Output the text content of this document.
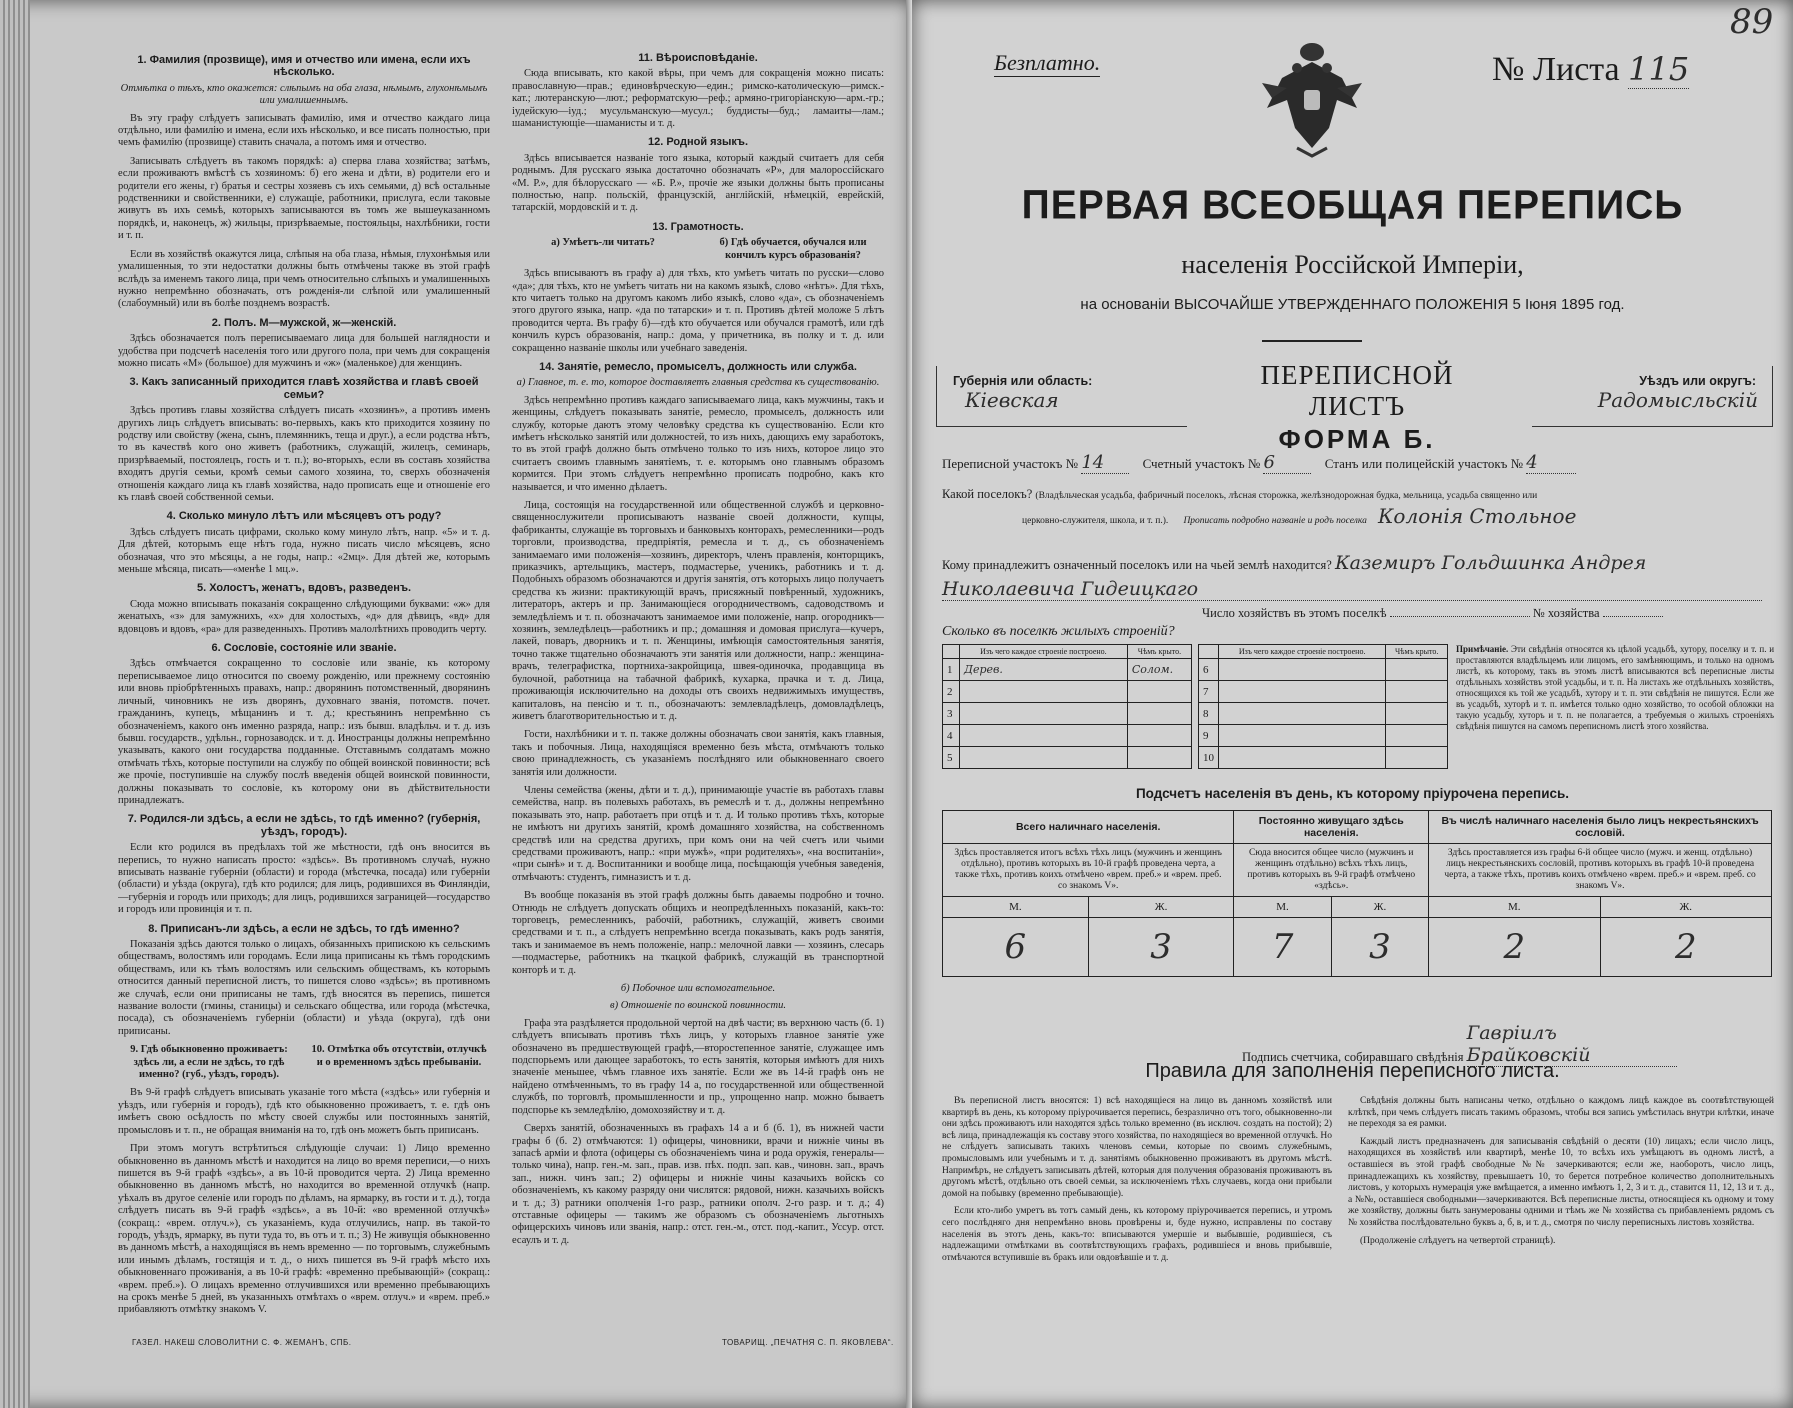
1. Фамилия (прозвище), имя и отчество или имена, если ихъ нѣсколько.
Отмѣтка о тѣхъ, кто окажется: слѣпымъ на оба глаза, нѣмымъ, глухонѣмымъ или умалишеннымъ.

Въ эту графу слѣдуетъ записывать фамилію, имя и отчество каждаго лица отдѣльно, или фамилію и имена, если ихъ нѣсколько, и все писать полностью, при чемъ фамилію (прозвище) ставить сначала, а потомъ имя и отчество.

Записывать слѣдуетъ въ такомъ порядкѣ: а) сперва глава хозяйства; затѣмъ, если проживаютъ вмѣстѣ съ хозяиномъ: б) его жена и дѣти, в) родители его и родители его жены, г) братья и сестры хозяевъ съ ихъ семьями, д) всѣ остальные родственники и свойственники, е) служащіе, работники, прислуга, если таковые живутъ въ ихъ семьѣ, которыхъ записываются въ томъ же вышеуказанномъ порядкѣ, и, наконецъ, ж) жильцы, призрѣваемые, постояльцы, нахлѣбники, гости и т. п.

Если въ хозяйствѣ окажутся лица, слѣпыя на оба глаза, нѣмыя, глухонѣмыя или умалишенныя, то эти недостатки должны быть отмѣчены также въ этой графѣ вслѣдъ за именемъ такого лица, при чемъ относительно слѣпыхъ и умалишенныхъ нужно непремѣнно обозначать, отъ рожденія-ли слѣпой или умалишенный (слабоумный) или въ болѣе позднемъ возрастѣ.

2. Полъ. М—мужской, ж—женскій.

Здѣсь обозначается полъ переписываемаго лица для большей наглядности и удобства при подсчетѣ населенія того или другого пола, при чемъ для сокращенія можно писать «М» (большое) для мужчинъ и «ж» (маленькое) для женщинъ.

3. Какъ записанный приходится главѣ хозяйства и главѣ своей семьи?

Здѣсь противъ главы хозяйства слѣдуетъ писать «хозяинъ», а противъ именъ другихъ лицъ слѣдуетъ вписывать: во-первыхъ, какъ кто приходится хозяину по родству или свойству (жена, сынъ, племянникъ, теща и друг.), а если родства нѣтъ, то въ качествѣ кого оно живетъ (работникъ, служащій, жилецъ, семинарь, призрѣваемый, постоялецъ, гость и т. п.); во-вторыхъ, если въ составъ хозяйства входятъ другія семьи, кромѣ семьи самого хозяина, то, сверхъ обозначенія отношенія каждаго лица къ главѣ хозяйства, надо прописать еще и отношеніе его къ главѣ своей собственной семьи.

4. Сколько минуло лѣтъ или мѣсяцевъ отъ роду?

Здѣсь слѣдуетъ писать цифрами, сколько кому минуло лѣтъ, напр. «5» и т. д. Для дѣтей, которымъ еще нѣтъ года, нужно писать число мѣсяцевъ, ясно обозначая, что это мѣсяцы, а не годы, напр.: «2мц». Для дѣтей же, которымъ меньше мѣсяца, писать—«менѣе 1 мц.».

5. Холостъ, женатъ, вдовъ, разведенъ.

Сюда можно вписывать показанія сокращенно слѣдующими буквами: «ж» для женатыхъ, «з» для замужнихъ, «х» для холостыхъ, «д» для дѣвицъ, «вд» для вдовцовъ и вдовъ, «ра» для разведенныхъ. Противъ малолѣтнихъ проводить черту.

6. Сословіе, состояніе или званіе.

Здѣсь отмѣчается сокращенно то сословіе или званіе, къ которому переписываемое лицо относится по своему рожденію, или прежнему состоянію или вновь пріобрѣтенныхъ правахъ, напр.: дворянинъ потомственный, дворянинъ личный, чиновникъ не изъ дворянъ, духовнаго званія, потомств. почет. гражданинъ, купецъ, мѣщанинъ и т. д.; крестьянинъ непремѣнно съ обозначеніемъ, какого онъ именно разряда, напр.: изъ бывш. владѣльч. и т. д. изъ бывш. государств., удѣльн., горнозаводск. и т. д. Иностранцы должны непремѣнно указывать, какого они государства подданные. Отставнымъ солдатамъ можно отмѣчать тѣхъ, которые поступили на службу по общей воинской повинности; всѣ же прочіе, поступившіе на службу послѣ введенія общей воинской повинности, должны показывать то сословіе, къ которому они въ дѣйствительности принадлежатъ.

7. Родился-ли здѣсь, а если не здѣсь, то гдѣ именно? (губернія, уѣздъ, городъ).

Если кто родился въ предѣлахъ той же мѣстности, гдѣ онъ вносится въ перепись, то нужно написать просто: «здѣсь». Въ противномъ случаѣ, нужно вписывать названіе губерніи (области) и города (мѣстечка, посада) или губерніи (области) и уѣзда (округа), гдѣ кто родился; для лицъ, родившихся въ Финляндіи,—губернія и городъ или приходъ; для лицъ, родившихся заграницей—государство и городъ или провинція и т. п.

8. Приписанъ-ли здѣсь, а если не здѣсь, то гдѣ именно?

Показанія здѣсь даются только о лицахъ, обязанныхъ припискою къ сельскимъ обществамъ, волостямъ или городамъ. Если лица приписаны къ тѣмъ городскимъ обществамъ, или къ тѣмъ волостямъ или сельскимъ обществамъ, къ которымъ относится данный переписной листъ, то пишется слово «здѣсь»; въ противномъ же случаѣ, если они приписаны не тамъ, гдѣ вносятся въ перепись, пишется название волости (гмины, станицы) и сельскаго общества, или города (мѣстечка, посада), съ обозначеніемъ губерніи (области) и уѣзда (округа), гдѣ они приписаны.

9. Гдѣ обыкновенно проживаетъ: здѣсь ли, а если не здѣсь, то гдѣ именно? (губ., уѣздъ, городъ).
10. Отмѣтка объ отсутствіи, отлучкѣ и о временномъ здѣсь пребываніи.

Въ 9-й графѣ слѣдуетъ вписывать указаніе того мѣста («здѣсь» или губернія и уѣздъ, или губернія и городъ), гдѣ кто обыкновенно проживаетъ, т. е. гдѣ онъ имѣетъ свою осѣдлость по мѣсту своей службы или постоянныхъ занятій, промысловъ и т. п., не обращая вниманія на то, гдѣ онъ можетъ быть приписанъ.

При этомъ могутъ встрѣтиться слѣдующіе случаи: 1) Лицо временно обыкновенно въ данномъ мѣстѣ и находится на лицо во время переписи,—о нихъ пишется въ 9-й графѣ «здѣсь», а въ 10-й проводится черта. 2) Лица временно обыкновенно въ данномъ мѣстѣ, но находится во временной отлучкѣ (напр. уѣхалъ въ другое селеніе или городъ по дѣламъ, на ярмарку, въ гости и т. д.), тогда слѣдуетъ писать въ 9-й графѣ «здѣсь», а въ 10-й: «во временной отлучкѣ» (сокращ.: «врем. отлуч.»), съ указаніемъ, куда отлучились, напр. въ такой-то городъ, уѣздъ, ярмарку, въ пути тудa то, въ отъ и т. п.; 3) Не живущія обыкновенно въ данномъ мѣстѣ, а находящіяся въ немъ временно — по торговымъ, служебнымъ или инымъ дѣламъ, гостящія и т. д., о нихъ пишется въ 9-й графѣ мѣсто ихъ обыкновеннаго проживанія, а въ 10-й графѣ: «временно пребывающій» (сокращ.: «врем. преб.»). О лицахъ временно отлучившихся или временно пребывающихъ на срокъ менѣе 5 дней, въ указанныхъ отмѣтахъ о «врем. отлуч.» и «врем. преб.» прибавляютъ отмѣтку знакомъ V.

11. Вѣроисповѣданіе.

Сюда вписывать, кто какой вѣры, при чемъ для сокращенія можно писать: православную—прав.; единовѣрческую—един.; римско-католическую—римск.-кат.; лютеранскую—лют.; реформатскую—реф.; армяно-григоріанскую—арм.-гр.; іудейскую—іуд.; мусульманскую—мусул.; буддисты—буд.; ламаиты—лам.; шаманистующіе—шаманисты и т. д.

12. Родной языкъ.

Здѣсь вписывается названіе того языка, который каждый считаетъ для себя роднымъ. Для русскаго языка достаточно обозначать «Р», для малороссійскаго «М. Р.», для бѣлорусскаго — «Б. Р.», прочіе же языки должны быть прописаны полностью, напр. польскій, французскій, англійскій, нѣмецкій, еврейскій, татарскій, мордовскій и т. д.

13. Грамотность.
а) Умѣетъ-ли читать?	б) Гдѣ обучается, обучался или кончилъ курсъ образованія?

Здѣсь вписываютъ въ графу а) для тѣхъ, кто умѣетъ читать по русски—слово «да»; для тѣхъ, кто не умѣетъ читать ни на какомъ языкѣ, слово «нѣтъ». Для тѣхъ, кто читаетъ только на другомъ какомъ либо языкѣ, слово «да», съ обозначеніемъ этого другого языка, напр. «да по татарски» и т. п. Противъ дѣтей моложе 5 лѣтъ проводится черта. Въ графу б)—гдѣ кто обучается или обучался грамотѣ, или гдѣ кончилъ курсъ образованія, напр.: дома, у причетника, въ полку и т. д. или сокращенно названіе школы или учебнаго заведенія.

14. Занятіе, ремесло, промыселъ, должность или служба.
а) Главное, т. е. то, которое доставляетъ главныя средства къ существованію.

Здѣсь непремѣнно противъ каждаго записываемаго лица, какъ мужчины, такъ и женщины, слѣдуетъ показывать занятіе, ремесло, промыселъ, должность или службу, которые даютъ этому человѣку средства къ существованію. Если кто имѣетъ нѣсколько занятій или должностей, то изъ нихъ, дающихъ ему заработокъ, то въ этой графѣ должно быть отмѣчено только то изъ нихъ, которое лицо это считаетъ своимъ главнымъ занятіемъ, т. е. которымъ оно главнымъ образомъ кормится. При этомъ слѣдуетъ непремѣнно прописать подробно, какъ кто называется, и что именно дѣлаетъ.

Лица, состоящія на государственной или общественной службѣ и церковно-священнослужители прописываютъ названіе своей должности, купцы, фабриканты, служащіе въ торговыхъ и банковыхъ конторахъ, ремесленники—родъ торговли, производства, предпріятія, ремесла и т. д., съ обозначеніемъ занимаемаго ими положенія—хозяинъ, директоръ, членъ правленія, конторщикъ, приказчикъ, артельщикъ, мастеръ, подмастерье, ученикъ, работникъ и т. д. Подобныхъ образомъ обозначаются и другія занятія, отъ которыхъ лицо получаетъ средства къ жизни: практикующій врачъ, присяжный повѣренный, художникъ, литераторъ, актеръ и пр. Занимающіеся огородничествомъ, садоводствомъ и земледѣліемъ и т. п. обозначаютъ занимаемое ими положеніе, напр. огородникъ—хозяинъ, земледѣлецъ—работникъ и пр.; домашняя и домовая прислуга—кучеръ, лакей, поваръ, дворникъ и т. п. Женщины, имѣющія самостоятельныя занятія, точно также тщательно обозначаютъ эти занятія или должности, напр.: женщина-врачъ, телеграфистка, портниха-закройщица, швея-одиночка, продавщица въ булочной, работница на табачной фабрикѣ, кухарка, прачка и т. д. Лица, проживающія исключительно на доходы отъ своихъ недвижимыхъ имуществъ, капиталовъ, на пенсію и т. п., обозначаютъ: землевладѣлецъ, домовладѣлецъ, живетъ благотворительностью и т. д.

Гости, нахлѣбники и т. п. также должны обозначать свои занятія, какъ главныя, такъ и побочныя. Лица, находящіяся временно безъ мѣста, отмѣчаютъ только свою принадлежность, съ указаніемъ послѣдняго или обыкновеннаго своего занятія или должности.

Члены семейства (жены, дѣти и т. д.), принимающіе участіе въ работахъ главы семейства, напр. въ полевыхъ работахъ, въ ремеслѣ и т. д., должны непремѣнно показывать это, напр. работаетъ при отцѣ и т. д. И только противъ тѣхъ, которые не имѣютъ ни другихъ занятій, кромѣ домашняго хозяйства, на собственномъ средствѣ или на средства другихъ, при комъ они на чей счетъ или чьими средствами проживаютъ, напр.: «при мужѣ», «при родителяхъ», «на воспитаніи», «при сынѣ» и т. д. Воспитанники и вообще лица, посѣщающія учебныя заведенія, отмѣчаютъ: студентъ, гимназистъ и т. д.

Въ вообще показанія въ этой графѣ должны быть даваемы подробно и точно. Отнюдь не слѣдуетъ допускать общихъ и неопредѣленныхъ показаній, какъ-то: торговецъ, ремесленникъ, рабочій, работникъ, служащій, живетъ своими средствами и т. п., а слѣдуетъ непремѣнно всегда показывать, какъ родъ занятія, такъ и занимаемое въ немъ положеніе, напр.: мелочной лавки — хозяинъ, слесарь—подмастерье, работникъ на ткацкой фабрикѣ, служащій въ транспортной конторѣ и т. д.

б) Побочное или вспомогательное.
в) Отношеніе по воинской повинности.

Графа эта раздѣляется продольной чертой на двѣ части; въ верхнюю часть (б. 1) слѣдуетъ вписывать противъ тѣхъ лицъ, у которыхъ главное занятіе уже обозначено въ предшествующей графѣ,—второстепенное занятіе, служащее имъ подспорьемъ или дающее заработокъ, то есть занятія, которыя имѣютъ для нихъ значеніе меньшее, чѣмъ главное ихъ занятіе. Если же въ 14-й графѣ онъ не найдено отмѣченнымъ, то въ графу 14 а, по государственной или общественной службѣ, по торговлѣ, промышленности и пр., упрощенно напр. можно бываетъ подспорье къ земледѣлію, домохозяйству и т. д.

Сверхъ занятій, обозначенныхъ въ графахъ 14 а и б (б. 1), въ нижней части графы б (б. 2) отмѣчаются: 1) офицеры, чиновники, врачи и нижніе чины въ запасѣ армiи и флота (офицеры съ обозначеніемъ чина и рода оружія, генералы—только чина), напр. ген.-м. зап., прав. изв. пѣх. подп. зап. кав., чиновн. зап., врачъ зап., нижн. чинъ зап.; 2) офицеры и нижніе чины казачьихъ войскъ со обозначеніемъ, къ какому разряду они числятся: рядовой, нижн. казачьихъ войскъ и т. д.; 3) ратники ополченія 1-го разр., ратники ополч. 2-го разр. и т. д.; 4) отставные офицеры — такимъ же образомъ съ обозначеніемъ льготныхъ офицерскихъ чиновъ или званія, напр.: отст. ген.-м., отст. под.-капит., Уссур. отст. есаулъ и т. д.

ГАЗЕЛ. НАКЕШ СЛОВОЛИТНИ С. Ф. ЖЕМАНЪ, СПБ.	ТОВАРИЩ. „ПЕЧАТНЯ С. П. ЯКОВЛЕВА“.
Безплатно.	№ Листа 115
89
ПЕРВАЯ ВСЕОБЩАЯ ПЕРЕПИСЬ
населенія Россійской Имперіи,
на основаніи ВЫСОЧАЙШЕ УТВЕРЖДЕННАГО ПОЛОЖЕНІЯ 5 Іюня 1895 год.
Губернія или область:
Кіевская
ПЕРЕПИСНОЙ ЛИСТЪ
ФОРМА Б.
Уѣздъ или округъ:
Радомысльскій
Переписной участокъ № 14	Счетный участокъ № 6	Станъ или полицейскій участокъ № 4
Какой поселокъ? (Владѣльческая усадьба, фабричный поселокъ, лѣсная сторожка, желѣзнодорожная будка, мельница, усадьба священно или
церковно-служителя, школа, и т. п.). Прописать подробно названіе и родъ поселка Колонія Стольное
Кому принадлежитъ означенный поселокъ или на чьей землѣ находится? Каземиръ Гольдшинка Андрея
Николаевича Гидеицкаго
Число хозяйствъ въ этомъ поселкѣ	№ хозяйства
Сколько въ поселкѣ жилыхъ строеній?
	Изъ чего каждое строеніе построено.	Чѣмъ крыто.
1	Дерев.	Солом.
2		
3		
4		
5		
	Изъ чего каждое строеніе построено.	Чѣмъ крыто.
6		
7		
8		
9		
10		
Примѣчаніе. Эти свѣдѣнія относятся къ цѣлой усадьбѣ, хутору, поселку и т. п. и проставляются владѣльцемъ или лицомъ, его замѣняющимъ, и только на одномъ листѣ, къ которому, такъ въ этомъ листѣ вписываются всѣ переписные листы отдѣльныхъ хозяйствъ этой усадьбы, и т. п. На листахъ же отдѣльныхъ хозяйствъ, относящихся къ той же усадьбѣ, хутору и т. п. эти свѣдѣнія не пишутся. Если же въ усадьбѣ, хуторѣ и т. п. имѣется только одно хозяйство, то особой обложки на такую усадьбу, хуторъ и т. п. не полагается, а требуемыя о жилыхъ строеніяхъ свѣдѣнія пишутся на самомъ переписномъ листѣ этого хозяйства.
Подсчетъ населенія въ день, къ которому пріурочена перепись.
Всего наличнаго населенія.		Постоянно живущаго здѣсь населенія.		Въ числѣ наличнаго населенія было лицъ некрестьянскихъ сословій.	
Здѣсь проставляется итогъ всѣхъ тѣхъ лицъ (мужчинъ и женщинъ отдѣльно), противъ которыхъ въ 10-й графѣ проведена черта, а также тѣхъ, противъ коихъ отмѣчено «врем. преб.» и «врем. преб. со знакомъ V».		Сюда вносится общее число (мужчинъ и женщинъ отдѣльно) всѣхъ тѣхъ лицъ, противъ которыхъ въ 9-й графѣ отмѣчено «здѣсь».		Здѣсь проставляется изъ графы 6-й общее число (мужч. и женщ. отдѣльно) лицъ некрестьянскихъ сословій, противъ которыхъ въ графѣ 10-й проведена черта, а также тѣхъ, противъ коихъ отмѣчено «врем. преб.» и «врем. преб. со знакомъ V».	
М.	Ж.	М.	Ж.	М.	Ж.
6	3	7	3	2	2
Подпись счетчика, собиравшаго свѣдѣнія Гавріилъ Брайковскій
Правила для заполненія переписного листа.

Въ переписной листъ вносятся: 1) всѣ находящіеся на лицо въ данномъ хозяйствѣ или квартирѣ въ день, къ которому пріурочивается перепись, безразлично отъ того, обыкновенно-ли они здѣсь проживаютъ или находятся здѣсь только временно (въ исключ. создать на постой); 2) всѣ лица, принадлежащія къ составу этого хозяйства, по находящіеся во временной отлучкѣ. Но не слѣдуетъ записывать такихъ членовъ семьи, которые по своимъ служебнымъ, промысловымъ или учебнымъ и т. д. занятіямъ обыкновенно проживаютъ въ другомъ мѣстѣ. Напримѣръ, не слѣдуетъ записывать дѣтей, которыя для получения образованія проживаютъ въ другомъ мѣстѣ, отдѣльно отъ своей семьи, за исключеніемъ тѣхъ случаевъ, когда они прибыли домой на побывку (временно пребывающіе).

Если кто-либо умретъ въ тотъ самый день, къ которому пріурочивается перепись, и утромъ сего послѣдняго дня непремѣнно вновь провѣрены и, буде нужно, исправлены по составу населенія въ этотъ день, какъ-то: вписываются умершіе и выбывшіе, родившіеся, съ надлежащими отмѣтками въ соотвѣтствующихъ графахъ, родившіеся и вновь прибывшіе, отмѣчаются вступившіе въ бракъ или овдовѣвшіе и т. д.

Свѣдѣнія должны быть написаны четко, отдѣльно о каждомъ лицѣ каждое въ соотвѣтствующей клѣткѣ, при чемъ слѣдуетъ писать такимъ образомъ, чтобы вся запись умѣстилась внутри клѣтки, иначе не переходя за ея рамки.

Каждый листъ предназначенъ для записыванія свѣдѣній о десяти (10) лицахъ; если число лицъ, находящихся въ хозяйствѣ или квартирѣ, менѣе 10, то всѣхъ ихъ умѣщаютъ въ одномъ листѣ, а оставшіеся въ этой графѣ свободные №№ зачеркиваются; если же, наоборотъ, число лицъ, принадлежащихъ къ хозяйству, превышаетъ 10, то берется потребное количество дополнительныхъ листовъ, у которыхъ нумерація уже вмѣщается, а именно имѣютъ 1, 2, 3 и т. д., ставится 11, 12, 13 и т. д., а №№, оставшіеся свободными—зачеркиваются. Всѣ переписные листы, относящіеся къ одному и тому же хозяйству, должны быть занумерованы одними и тѣмъ же № хозяйства съ прибавленіемъ рядомъ съ № хозяйства послѣдовательно буквъ а, б, в, и т. д., смотря по числу переписныхъ листовъ хозяйства.

(Продолженіе слѣдуетъ на четвертой страницѣ).
